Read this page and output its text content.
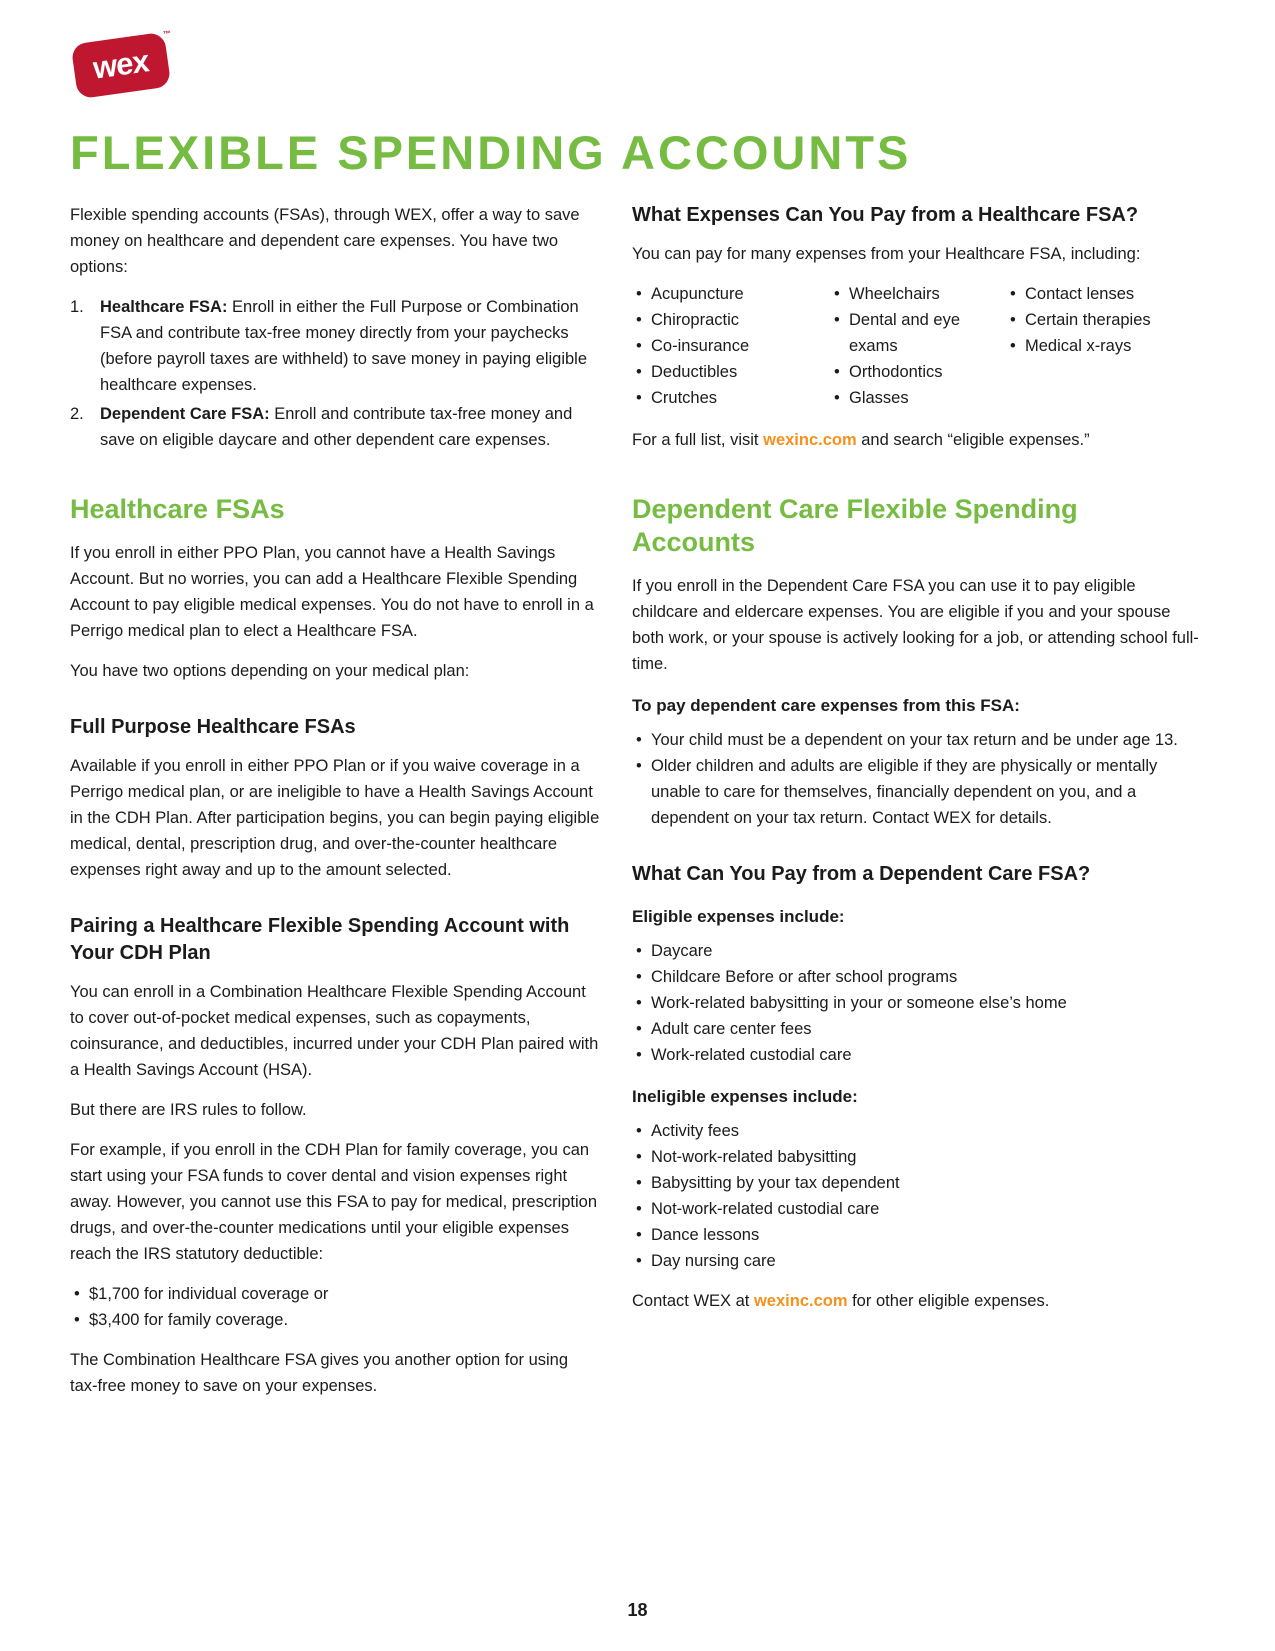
wex
™
FLEXIBLE SPENDING ACCOUNTS

Flexible spending accounts (FSAs), through WEX, offer a way to save money on healthcare and dependent care expenses. You have two options:

1. Healthcare FSA: Enroll in either the Full Purpose or Combination FSA and contribute tax-free money directly from your paychecks (before payroll taxes are withheld) to save money in paying eligible healthcare expenses.
2. Dependent Care FSA: Enroll and contribute tax-free money and save on eligible daycare and other dependent care expenses.
Healthcare FSAs

If you enroll in either PPO Plan, you cannot have a Health Savings Account. But no worries, you can add a Healthcare Flexible Spending Account to pay eligible medical expenses. You do not have to enroll in a Perrigo medical plan to elect a Healthcare FSA.

You have two options depending on your medical plan:

Full Purpose Healthcare FSAs

Available if you enroll in either PPO Plan or if you waive coverage in a Perrigo medical plan, or are ineligible to have a Health Savings Account in the CDH Plan. After participation begins, you can begin paying eligible medical, dental, prescription drug, and over-the-counter healthcare expenses right away and up to the amount selected.

Pairing a Healthcare Flexible Spending Account with Your CDH Plan

You can enroll in a Combination Healthcare Flexible Spending Account to cover out-of-pocket medical expenses, such as copayments, coinsurance, and deductibles, incurred under your CDH Plan paired with a Health Savings Account (HSA).

But there are IRS rules to follow.

For example, if you enroll in the CDH Plan for family coverage, you can start using your FSA funds to cover dental and vision expenses right away. However, you cannot use this FSA to pay for medical, prescription drugs, and over-the-counter medications until your eligible expenses reach the IRS statutory deductible:

• $1,700 for individual coverage or
• $3,400 for family coverage.

The Combination Healthcare FSA gives you another option for using tax-free money to save on your expenses.

What Expenses Can You Pay from a Healthcare FSA?

You can pay for many expenses from your Healthcare FSA, including:

• Acupuncture
• Chiropractic
• Co-insurance
• Deductibles
• Crutches
• Wheelchairs
• Dental and eye exams
• Orthodontics
• Glasses
• Contact lenses
• Certain therapies
• Medical x-rays

For a full list, visit wexinc.com and search “eligible expenses.”

Dependent Care Flexible Spending Accounts

If you enroll in the Dependent Care FSA you can use it to pay eligible childcare and eldercare expenses. You are eligible if you and your spouse both work, or your spouse is actively looking for a job, or attending school full-time.

To pay dependent care expenses from this FSA:
• Your child must be a dependent on your tax return and be under age 13.
• Older children and adults are eligible if they are physically or mentally unable to care for themselves, financially dependent on you, and a dependent on your tax return. Contact WEX for details.
What Can You Pay from a Dependent Care FSA?
Eligible expenses include:
• Daycare
• Childcare Before or after school programs
• Work-related babysitting in your or someone else’s home
• Adult care center fees
• Work-related custodial care
Ineligible expenses include:
• Activity fees
• Not-work-related babysitting
• Babysitting by your tax dependent
• Not-work-related custodial care
• Dance lessons
• Day nursing care

Contact WEX at wexinc.com for other eligible expenses.

18
